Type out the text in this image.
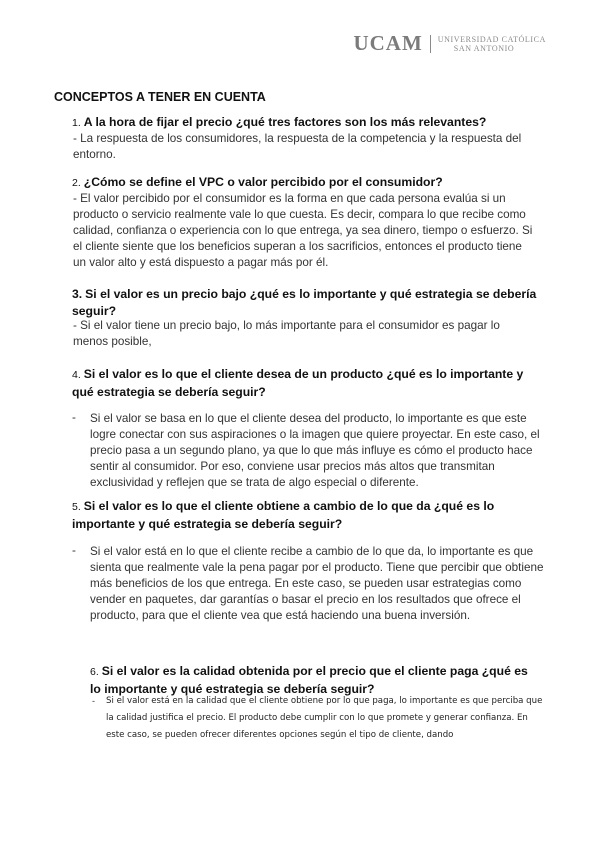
UCAM UNIVERSIDAD CATÓLICA
SAN ANTONIO
CONCEPTOS A TENER EN CUENTA
1. A la hora de fijar el precio ¿qué tres factores son los más relevantes?
- La respuesta de los consumidores, la respuesta de la competencia y la respuesta del entorno.
2. ¿Cómo se define el VPC o valor percibido por el consumidor?
- El valor percibido por el consumidor es la forma en que cada persona evalúa si un producto o servicio realmente vale lo que cuesta. Es decir, compara lo que recibe como calidad, confianza o experiencia con lo que entrega, ya sea dinero, tiempo o esfuerzo. Si el cliente siente que los beneficios superan a los sacrificios, entonces el producto tiene un valor alto y está dispuesto a pagar más por él.
3. Si el valor es un precio bajo ¿qué es lo importante y qué estrategia se debería seguir?
- Si el valor tiene un precio bajo, lo más importante para el consumidor es pagar lo menos posible,
4. Si el valor es lo que el cliente desea de un producto ¿qué es lo importante y qué estrategia se debería seguir?
- Si el valor se basa en lo que el cliente desea del producto, lo importante es que este logre conectar con sus aspiraciones o la imagen que quiere proyectar. En este caso, el precio pasa a un segundo plano, ya que lo que más influye es cómo el producto hace sentir al consumidor. Por eso, conviene usar precios más altos que transmitan exclusividad y reflejen que se trata de algo especial o diferente.
5. Si el valor es lo que el cliente obtiene a cambio de lo que da ¿qué es lo importante y qué estrategia se debería seguir?
- Si el valor está en lo que el cliente recibe a cambio de lo que da, lo importante es que sienta que realmente vale la pena pagar por el producto. Tiene que percibir que obtiene más beneficios de los que entrega. En este caso, se pueden usar estrategias como vender en paquetes, dar garantías o basar el precio en los resultados que ofrece el producto, para que el cliente vea que está haciendo una buena inversión.
6. Si el valor es la calidad obtenida por el precio que el cliente paga ¿qué es lo importante y qué estrategia se debería seguir?
- Si el valor está en la calidad que el cliente obtiene por lo que paga, lo importante es que perciba que la calidad justifica el precio. El producto debe cumplir con lo que promete y generar confianza. En este caso, se pueden ofrecer diferentes opciones según el tipo de cliente, dando
